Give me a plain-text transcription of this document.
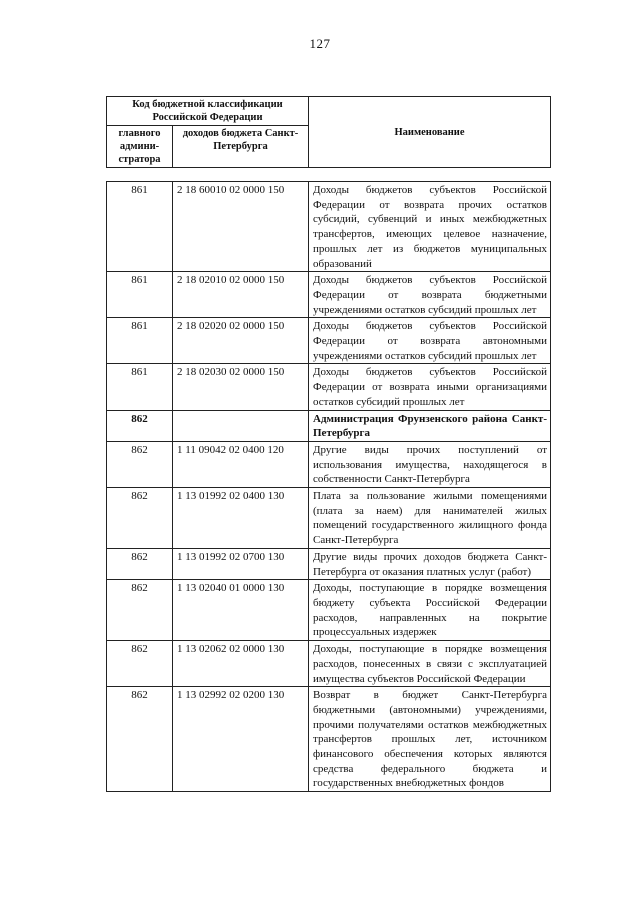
127
Код бюджетной классификации Российской Федерации		Наименование
главного админи-стратора	доходов бюджета Санкт-Петербурга	
861	2 18 60010 02 0000 150	Доходы бюджетов субъектов Российской Федерации от возврата прочих остатков субсидий, субвенций и иных межбюджетных трансфертов, имеющих целевое назначение, прошлых лет из бюджетов муниципальных образований
861	2 18 02010 02 0000 150	Доходы бюджетов субъектов Российской Федерации от возврата бюджетными учреждениями остатков субсидий прошлых лет
861	2 18 02020 02 0000 150	Доходы бюджетов субъектов Российской Федерации от возврата автономными учреждениями остатков субсидий прошлых лет
861	2 18 02030 02 0000 150	Доходы бюджетов субъектов Российской Федерации от возврата иными организациями остатков субсидий прошлых лет
862		Администрация Фрунзенского района Санкт-Петербурга
862	1 11 09042 02 0400 120	Другие виды прочих поступлений от использования имущества, находящегося в собственности Санкт-Петербурга
862	1 13 01992 02 0400 130	Плата за пользование жилыми помещениями (плата за наем) для нанимателей жилых помещений государственного жилищного фонда Санкт-Петербурга
862	1 13 01992 02 0700 130	Другие виды прочих доходов бюджета Санкт-Петербурга от оказания платных услуг (работ)
862	1 13 02040 01 0000 130	Доходы, поступающие в порядке возмещения бюджету субъекта Российской Федерации расходов, направленных на покрытие процессуальных издержек
862	1 13 02062 02 0000 130	Доходы, поступающие в порядке возмещения расходов, понесенных в связи с эксплуатацией имущества субъектов Российской Федерации
862	1 13 02992 02 0200 130	Возврат в бюджет Санкт-Петербурга бюджетными (автономными) учреждениями, прочими получателями остатков межбюджетных трансфертов прошлых лет, источником финансового обеспечения которых являются средства федерального бюджета и государственных внебюджетных фондов
